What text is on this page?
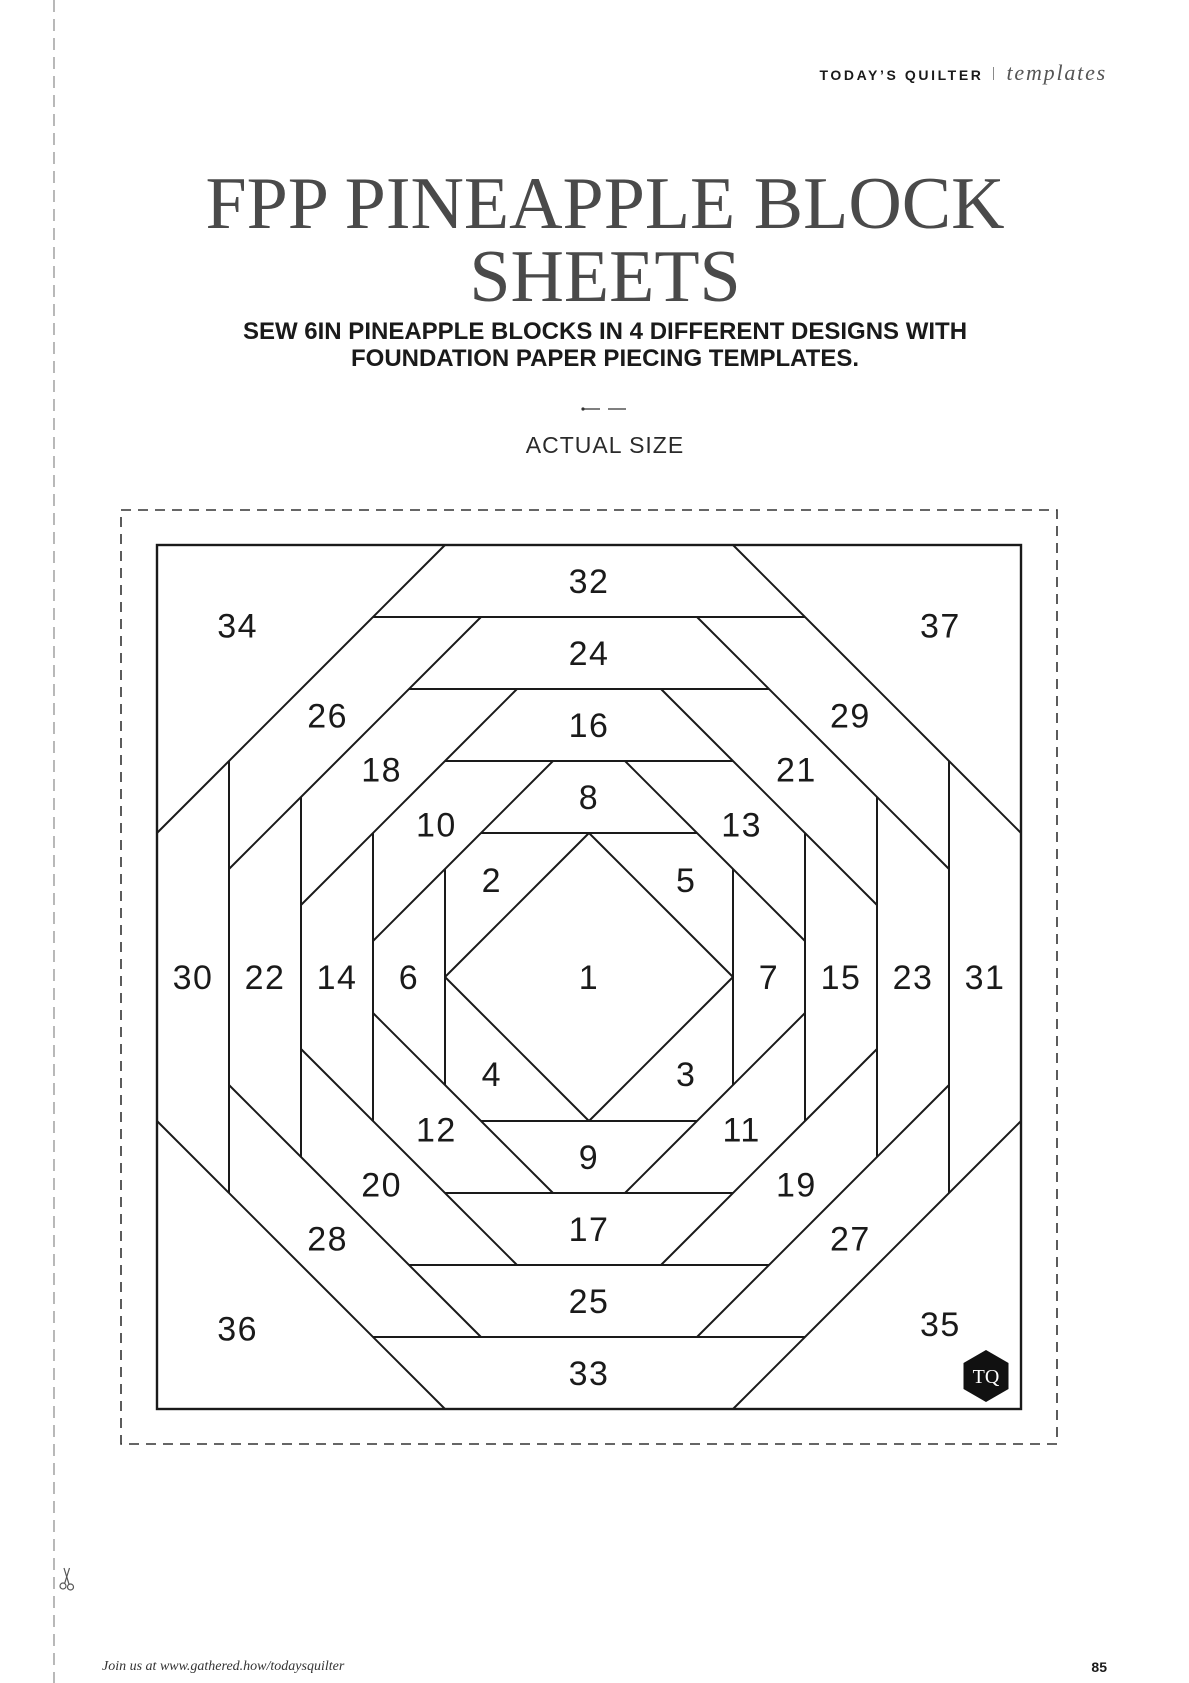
TODAY’S QUILTER templates
FPP PINEAPPLE BLOCK
SHEETS

SEW 6IN PINEAPPLE BLOCKS IN 4 DIFFERENT DESIGNS WITH
FOUNDATION PAPER PIECING TEMPLATES.

ACTUAL SIZE
1
2
3
4
5
6	7
8
9
10
11
12
13
14	15
16
17
18
19
20
21
22	23
24
25
26
27
28
29
30	31
32
33
34
35
36
37
TQ
Join us at www.gathered.how/todaysquilter	85
